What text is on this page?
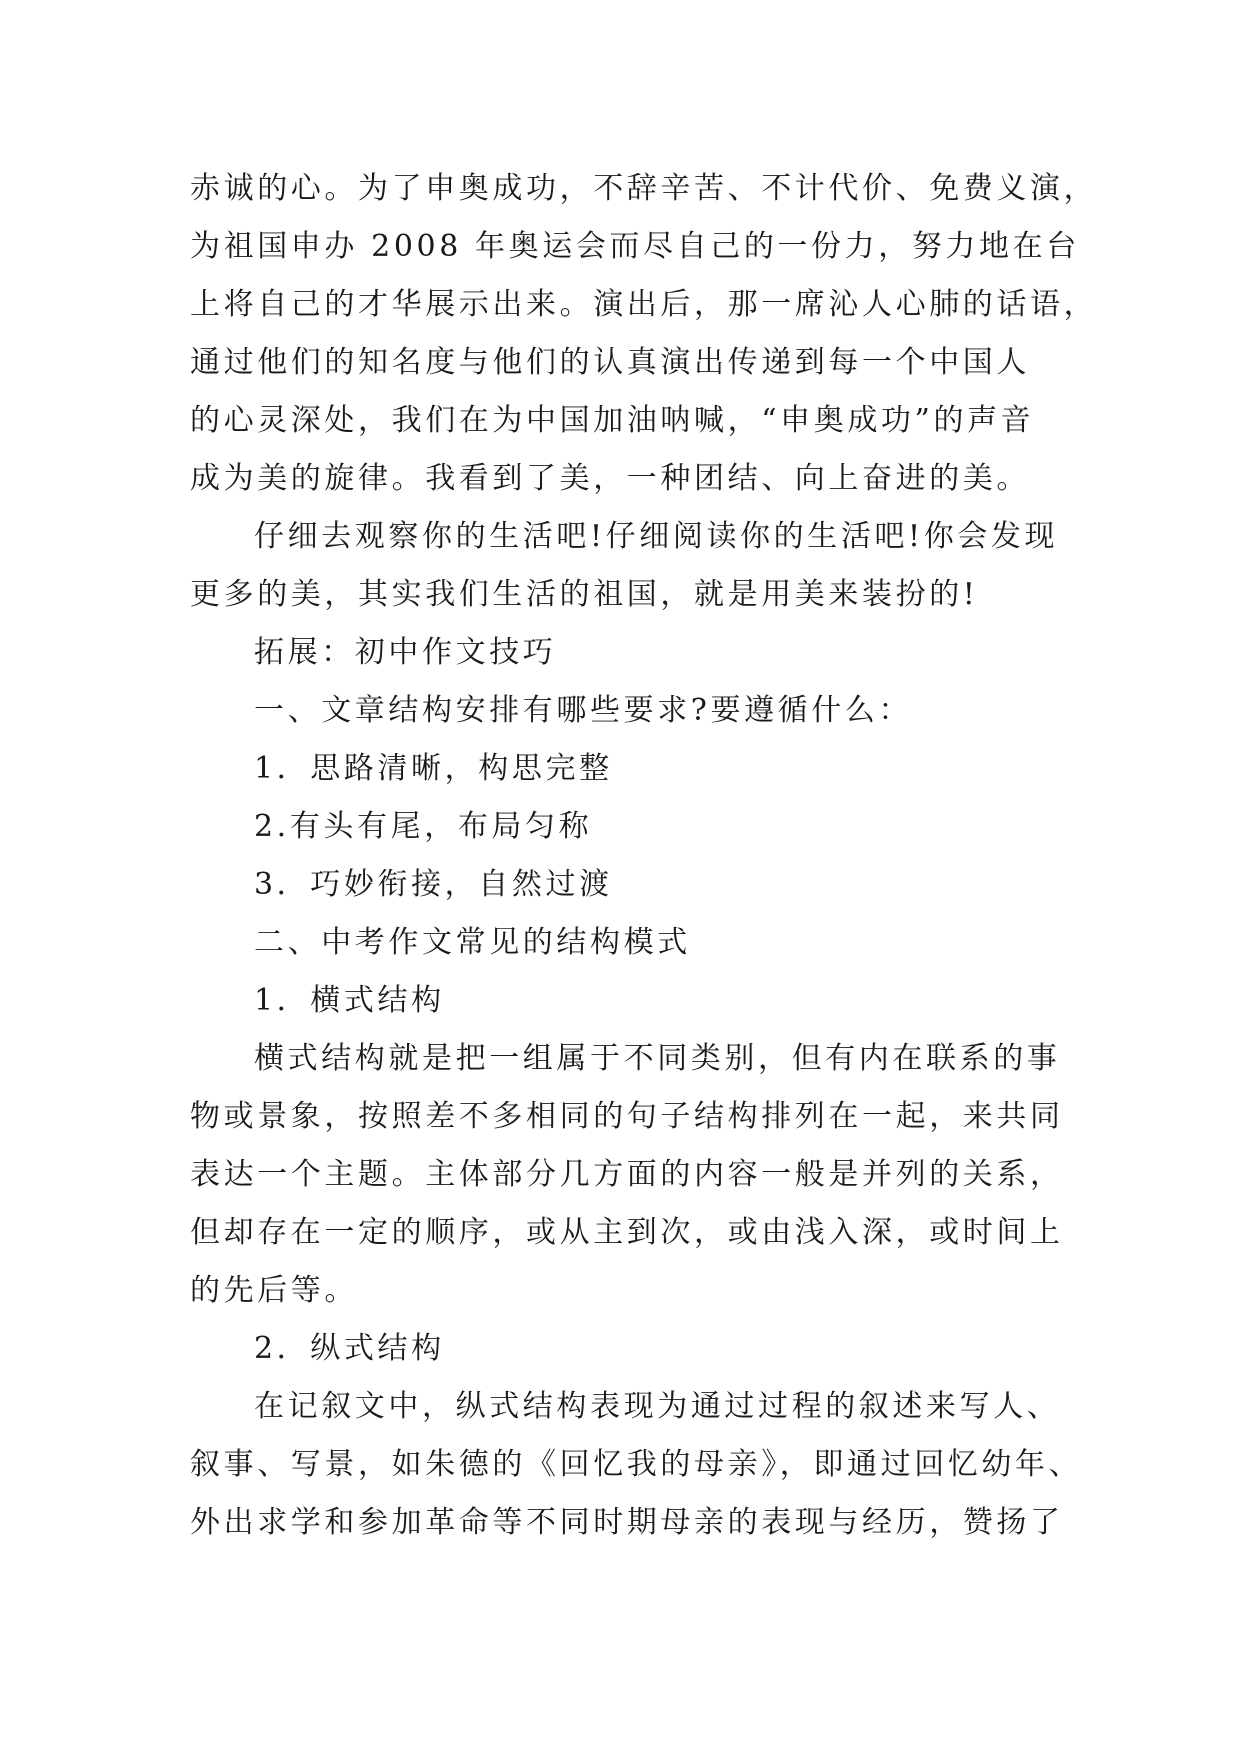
赤诚的心。为了申奥成功，不辞辛苦、不计代价、免费义演，
为祖国申办 2008 年奥运会而尽自己的一份力，努力地在台
上将自己的才华展示出来。演出后，那一席沁人心肺的话语，
通过他们的知名度与他们的认真演出传递到每一个中国人
的心灵深处，我们在为中国加油呐喊，“申奥成功”的声音
成为美的旋律。我看到了美，一种团结、向上奋进的美。
仔细去观察你的生活吧!仔细阅读你的生活吧!你会发现
更多的美，其实我们生活的祖国，就是用美来装扮的!
拓展：初中作文技巧
一、文章结构安排有哪些要求?要遵循什么：
1．思路清晰，构思完整
2.有头有尾，布局匀称
3．巧妙衔接，自然过渡
二、中考作文常见的结构模式
1．横式结构
横式结构就是把一组属于不同类别，但有内在联系的事
物或景象，按照差不多相同的句子结构排列在一起，来共同
表达一个主题。主体部分几方面的内容一般是并列的关系，
但却存在一定的顺序，或从主到次，或由浅入深，或时间上
的先后等。
2．纵式结构
在记叙文中，纵式结构表现为通过过程的叙述来写人、
叙事、写景，如朱德的《回忆我的母亲》，即通过回忆幼年、
外出求学和参加革命等不同时期母亲的表现与经历，赞扬了
